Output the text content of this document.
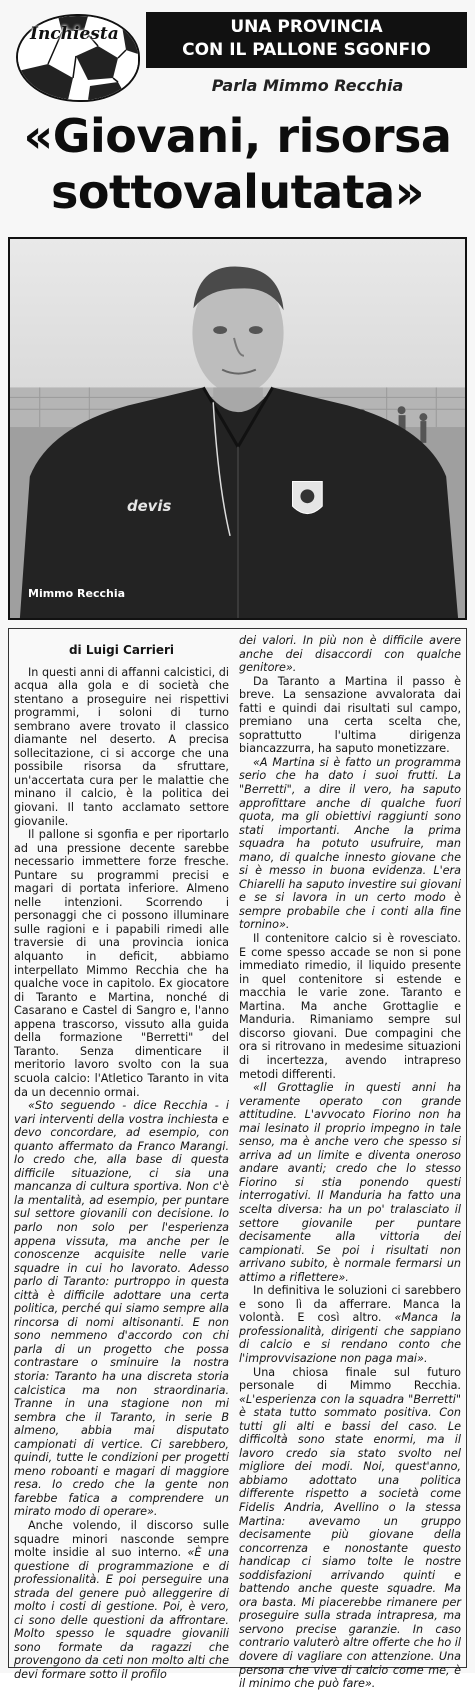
Inchiesta	UNA PROVINCIA
CON IL PALLONE SGONFIO
Parla Mimmo Recchia
«Giovani, risorsa
sottovalutata»
devis
Mimmo Recchia
di Luigi Carrieri

In questi anni di affanni calcistici, di acqua alla gola e di società che stentano a proseguire nei rispettivi programmi, i soloni di turno sembrano avere trovato il classico diamante nel deserto. A precisa sollecitazione, ci si accorge che una possibile risorsa da sfruttare, un'accertata cura per le malattie che minano il calcio, è la politica dei giovani. Il tanto acclamato settore giovanile.

Il pallone si sgonfia e per riportarlo ad una pressione decente sarebbe necessario immettere forze fresche. Puntare su programmi precisi e magari di portata inferiore. Almeno nelle intenzioni. Scorrendo i personaggi che ci possono illuminare sulle ragioni e i papabili rimedi alle traversie di una provincia ionica alquanto in deficit, abbiamo interpellato Mimmo Recchia che ha qualche voce in capitolo. Ex giocatore di Taranto e Martina, nonché di Casarano e Castel di Sangro e, l'anno appena trascorso, vissuto alla guida della formazione "Berretti" del Taranto. Senza dimenticare il meritorio lavoro svolto con la sua scuola calcio: l'Atletico Taranto in vita da un decennio ormai.

«Sto seguendo - dice Recchia - i vari interventi della vostra inchiesta e devo concordare, ad esempio, con quanto affermato da Franco Marangi. Io credo che, alla base di questa difficile situazione, ci sia una mancanza di cultura sportiva. Non c'è la mentalità, ad esempio, per puntare sul settore giovanili con decisione. Io parlo non solo per l'esperienza appena vissuta, ma anche per le conoscenze acquisite nelle varie squadre in cui ho lavorato. Adesso parlo di Taranto: purtroppo in questa città è difficile adottare una certa politica, perché qui siamo sempre alla rincorsa di nomi altisonanti. E non sono nemmeno d'accordo con chi parla di un progetto che possa contrastare o sminuire la nostra storia: Taranto ha una discreta storia calcistica ma non straordinaria. Tranne in una stagione non mi sembra che il Taranto, in serie B almeno, abbia mai disputato campionati di vertice. Ci sarebbero, quindi, tutte le condizioni per progetti meno roboanti e magari di maggiore resa. Io credo che la gente non farebbe fatica a comprendere un mirato modo di operare».

Anche volendo, il discorso sulle squadre minori nasconde sempre molte insidie al suo interno. «È una questione di programmazione e di professionalità. E poi perseguire una strada del genere può alleggerire di molto i costi di gestione. Poi, è vero, ci sono delle questioni da affrontare. Molto spesso le squadre giovanili sono formate da ragazzi che provengono da ceti non molto alti che devi formare sotto il profilo

dei valori. In più non è difficile avere anche dei disaccordi con qualche genitore».

Da Taranto a Martina il passo è breve. La sensazione avvalorata dai fatti e quindi dai risultati sul campo, premiano una certa scelta che, soprattutto l'ultima dirigenza biancazzurra, ha saputo monetizzare.

«A Martina si è fatto un programma serio che ha dato i suoi frutti. La "Berretti", a dire il vero, ha saputo approfittare anche di qualche fuori quota, ma gli obiettivi raggiunti sono stati importanti. Anche la prima squadra ha potuto usufruire, man mano, di qualche innesto giovane che si è messo in buona evidenza. L'era Chiarelli ha saputo investire sui giovani e se si lavora in un certo modo è sempre probabile che i conti alla fine tornino».

Il contenitore calcio si è rovesciato. E come spesso accade se non si pone immediato rimedio, il liquido presente in quel contenitore si estende e macchia le varie zone. Taranto e Martina. Ma anche Grottaglie e Manduria. Rimaniamo sempre sul discorso giovani. Due compagini che ora si ritrovano in medesime situazioni di incertezza, avendo intrapreso metodi differenti.

«Il Grottaglie in questi anni ha veramente operato con grande attitudine. L'avvocato Fiorino non ha mai lesinato il proprio impegno in tale senso, ma è anche vero che spesso si arriva ad un limite e diventa oneroso andare avanti; credo che lo stesso Fiorino si stia ponendo questi interrogativi. Il Manduria ha fatto una scelta diversa: ha un po' tralasciato il settore giovanile per puntare decisamente alla vittoria dei campionati. Se poi i risultati non arrivano subito, è normale fermarsi un attimo a riflettere».

In definitiva le soluzioni ci sarebbero e sono lì da afferrare. Manca la volontà. E così altro. «Manca la professionalità, dirigenti che sappiano di calcio e si rendano conto che l'improvvisazione non paga mai».

Una chiosa finale sul futuro personale di Mimmo Recchia. «L'esperienza con la squadra "Berretti" è stata tutto sommato positiva. Con tutti gli alti e bassi del caso. Le difficoltà sono state enormi, ma il lavoro credo sia stato svolto nel migliore dei modi. Noi, quest'anno, abbiamo adottato una politica differente rispetto a società come Fidelis Andria, Avellino o la stessa Martina: avevamo un gruppo decisamente più giovane della concorrenza e nonostante questo handicap ci siamo tolte le nostre soddisfazioni arrivando quinti e battendo anche queste squadre. Ma ora basta. Mi piacerebbe rimanere per proseguire sulla strada intrapresa, ma servono precise garanzie. In caso contrario valuterò altre offerte che ho il dovere di vagliare con attenzione. Una persona che vive di calcio come me, è il minimo che può fare».
